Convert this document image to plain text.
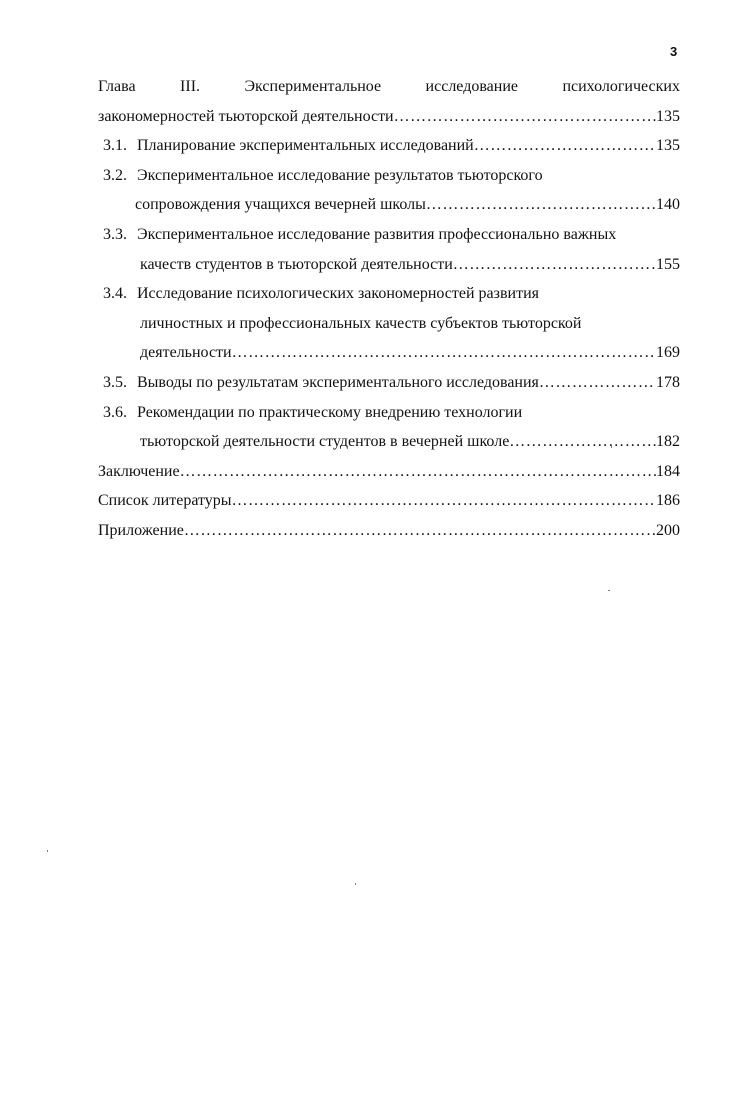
3
Глава	III.	Экспериментальное	исследование	психологических
закономерностей тьюторской деятельности …………………………………………………………………………………………………………………………………………………………………	135
3.1. Планирование экспериментальных исследований …………………………………………………………………………………………………………………………………………………………………	135
3.2. Экспериментальное исследование результатов тьюторского
сопровождения учащихся вечерней школы …………………………………………………………………………………………………………………………………………………………………	140
3.3. Экспериментальное исследование развития профессионально важных
качеств студентов в тьюторской деятельности …………………………………………………………………………………………………………………………………………………………………	155
3.4. Исследование психологических закономерностей развития
личностных и профессиональных качеств субъектов тьюторской
деятельности …………………………………………………………………………………………………………………………………………………………………	169
3.5. Выводы по результатам экспериментального исследования …………………………………………………………………………………………………………………………………………………………………	178
3.6. Рекомендации по практическому внедрению технологии
тьюторской деятельности студентов в вечерней школе …………………………………………………………………………………………………………………………………………………………………	182
Заключение …………………………………………………………………………………………………………………………………………………………………	184
Список литературы …………………………………………………………………………………………………………………………………………………………………	186
Приложение …………………………………………………………………………………………………………………………………………………………………	200
